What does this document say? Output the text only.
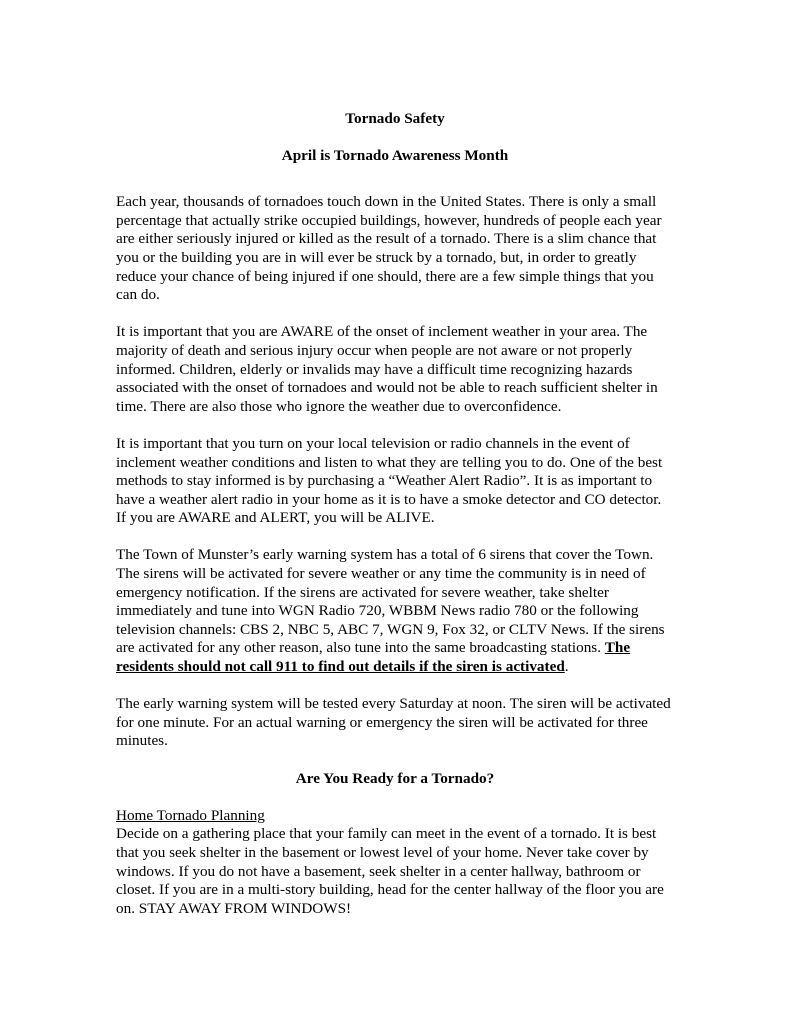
Tornado Safety

April is Tornado Awareness Month

Each year, thousands of tornadoes touch down in the United States. There is only a small percentage that actually strike occupied buildings, however, hundreds of people each year are either seriously injured or killed as the result of a tornado. There is a slim chance that you or the building you are in will ever be struck by a tornado, but, in order to greatly reduce your chance of being injured if one should, there are a few simple things that you can do.

It is important that you are AWARE of the onset of inclement weather in your area. The majority of death and serious injury occur when people are not aware or not properly informed. Children, elderly or invalids may have a difficult time recognizing hazards associated with the onset of tornadoes and would not be able to reach sufficient shelter in time. There are also those who ignore the weather due to overconfidence.

It is important that you turn on your local television or radio channels in the event of inclement weather conditions and listen to what they are telling you to do. One of the best methods to stay informed is by purchasing a “Weather Alert Radio”. It is as important to have a weather alert radio in your home as it is to have a smoke detector and CO detector. If you are AWARE and ALERT, you will be ALIVE.

The Town of Munster’s early warning system has a total of 6 sirens that cover the Town. The sirens will be activated for severe weather or any time the community is in need of emergency notification. If the sirens are activated for severe weather, take shelter immediately and tune into WGN Radio 720, WBBM News radio 780 or the following television channels: CBS 2, NBC 5, ABC 7, WGN 9, Fox 32, or CLTV News. If the sirens are activated for any other reason, also tune into the same broadcasting stations. The residents should not call 911 to find out details if the siren is activated.

The early warning system will be tested every Saturday at noon. The siren will be activated for one minute. For an actual warning or emergency the siren will be activated for three minutes.

Are You Ready for a Tornado?

Home Tornado Planning

Decide on a gathering place that your family can meet in the event of a tornado. It is best that you seek shelter in the basement or lowest level of your home. Never take cover by windows. If you do not have a basement, seek shelter in a center hallway, bathroom or closet. If you are in a multi-story building, head for the center hallway of the floor you are on. STAY AWAY FROM WINDOWS!
